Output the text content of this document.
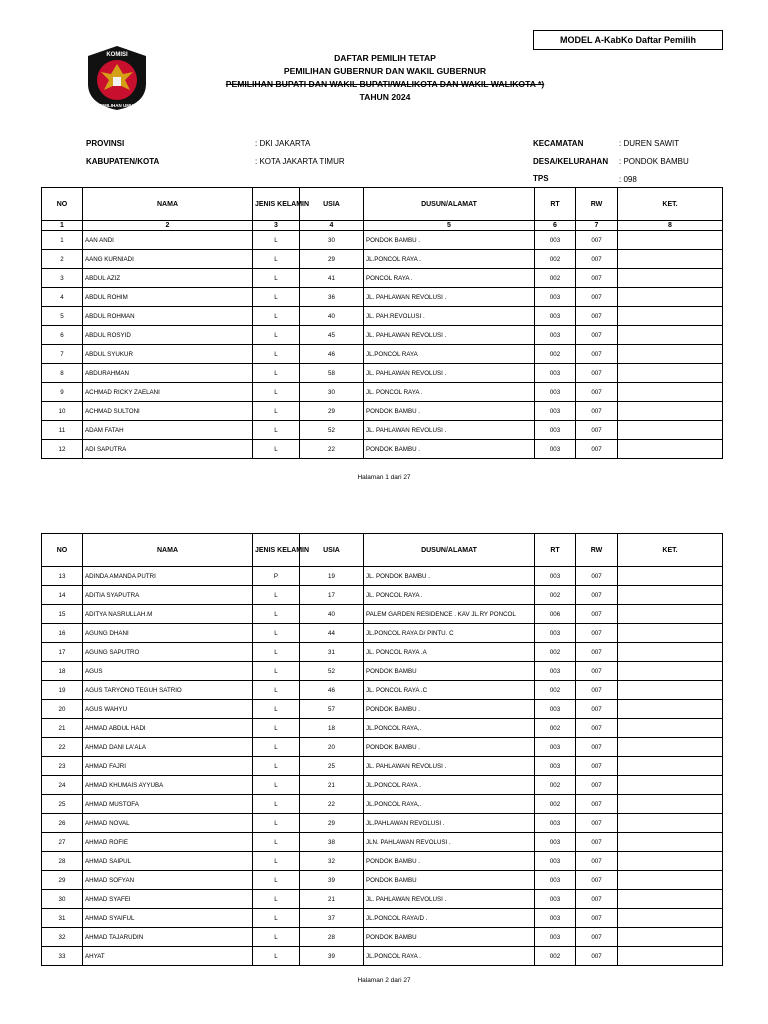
MODEL A-KabKo Daftar Pemilih
KOMISI
PEMILIHAN UMUM
DAFTAR PEMILIH TETAP
PEMILIHAN GUBERNUR DAN WAKIL GUBERNUR
PEMILIHAN BUPATI DAN WAKIL BUPATI/WALIKOTA DAN WAKIL WALIKOTA *)
TAHUN 2024
PROVINSI	: DKI JAKARTA
KABUPATEN/KOTA	: KOTA JAKARTA TIMUR
KECAMATAN	: DUREN SAWIT
DESA/KELURAHAN : PONDOK BAMBU
TPS	: 098
NO	NAMA	JENIS KELAMIN	USIA	DUSUN/ALAMAT	RT	RW	KET.
1	2	3	4	5	6	7	8
1	AAN ANDI	L	30	PONDOK BAMBU .	003	007	
2	AANG KURNIADI	L	29	JL.PONCOL RAYA .	002	007	
3	ABDUL AZIZ	L	41	PONCOL RAYA .	002	007	
4	ABDUL ROHIM	L	36	JL. PAHLAWAN REVOLUSI .	003	007	
5	ABDUL ROHMAN	L	40	JL. PAH.REVOLUSI .	003	007	
6	ABDUL ROSYID	L	45	JL. PAHLAWAN REVOLUSI .	003	007	
7	ABDUL SYUKUR	L	46	JL.PONCOL RAYA	002	007	
8	ABDURAHMAN	L	58	JL. PAHLAWAN REVOLUSI .	003	007	
9	ACHMAD RICKY ZAELANI	L	30	JL. PONCOL RAYA .	003	007	
10	ACHMAD SULTONI	L	29	PONDOK BAMBU .	003	007	
11	ADAM FATAH	L	52	JL. PAHLAWAN REVOLUSI .	003	007	
12	ADI SAPUTRA	L	22	PONDOK BAMBU .	003	007	
Halaman 1 dari 27
NO	NAMA	JENIS KELAMIN	USIA	DUSUN/ALAMAT	RT	RW	KET.
13	ADINDA AMANDA PUTRI	P	19	JL. PONDOK BAMBU .	003	007	
14	ADITIA SYAPUTRA	L	17	JL. PONCOL RAYA .	002	007	
15	ADITYA NASRULLAH.M	L	40	PALEM GARDEN RESIDENCE . KAV JL.RY PONCOL	006	007	
16	AGUNG DHANI	L	44	JL.PONCOL RAYA D/ PINTU. C	003	007	
17	AGUNG SAPUTRO	L	31	JL. PONCOL RAYA .A	002	007	
18	AGUS	L	52	PONDOK BAMBU	003	007	
19	AGUS TARYONO TEGUH SATRIO	L	46	JL. PONCOL RAYA .C	002	007	
20	AGUS WAHYU	L	57	PONDOK BAMBU .	003	007	
21	AHMAD ABDUL HADI	L	18	JL.PONCOL RAYA,.	002	007	
22	AHMAD DANI LA'ALA	L	20	PONDOK BAMBU .	003	007	
23	AHMAD FAJRI	L	25	JL. PAHLAWAN REVOLUSI .	003	007	
24	AHMAD KHUMAIS AYYUBA	L	21	JL.PONCOL RAYA .	002	007	
25	AHMAD MUSTOFA	L	22	JL.PONCOL RAYA,.	002	007	
26	AHMAD NOVAL	L	29	JL.PAHLAWAN REVOLUSI .	003	007	
27	AHMAD ROFIE	L	38	JLN. PAHLAWAN REVOLUSI .	003	007	
28	AHMAD SAIPUL	L	32	PONDOK BAMBU .	003	007	
29	AHMAD SOFYAN	L	39	PONDOK BAMBU	003	007	
30	AHMAD SYAFEI	L	21	JL. PAHLAWAN REVOLUSI .	003	007	
31	AHMAD SYAIFUL	L	37	JL.PONCOL RAYA/D .	003	007	
32	AHMAD TAJARUDIN	L	28	PONDOK BAMBU	003	007	
33	AHYAT	L	39	JL.PONCOL RAYA .	002	007	
Halaman 2 dari 27
